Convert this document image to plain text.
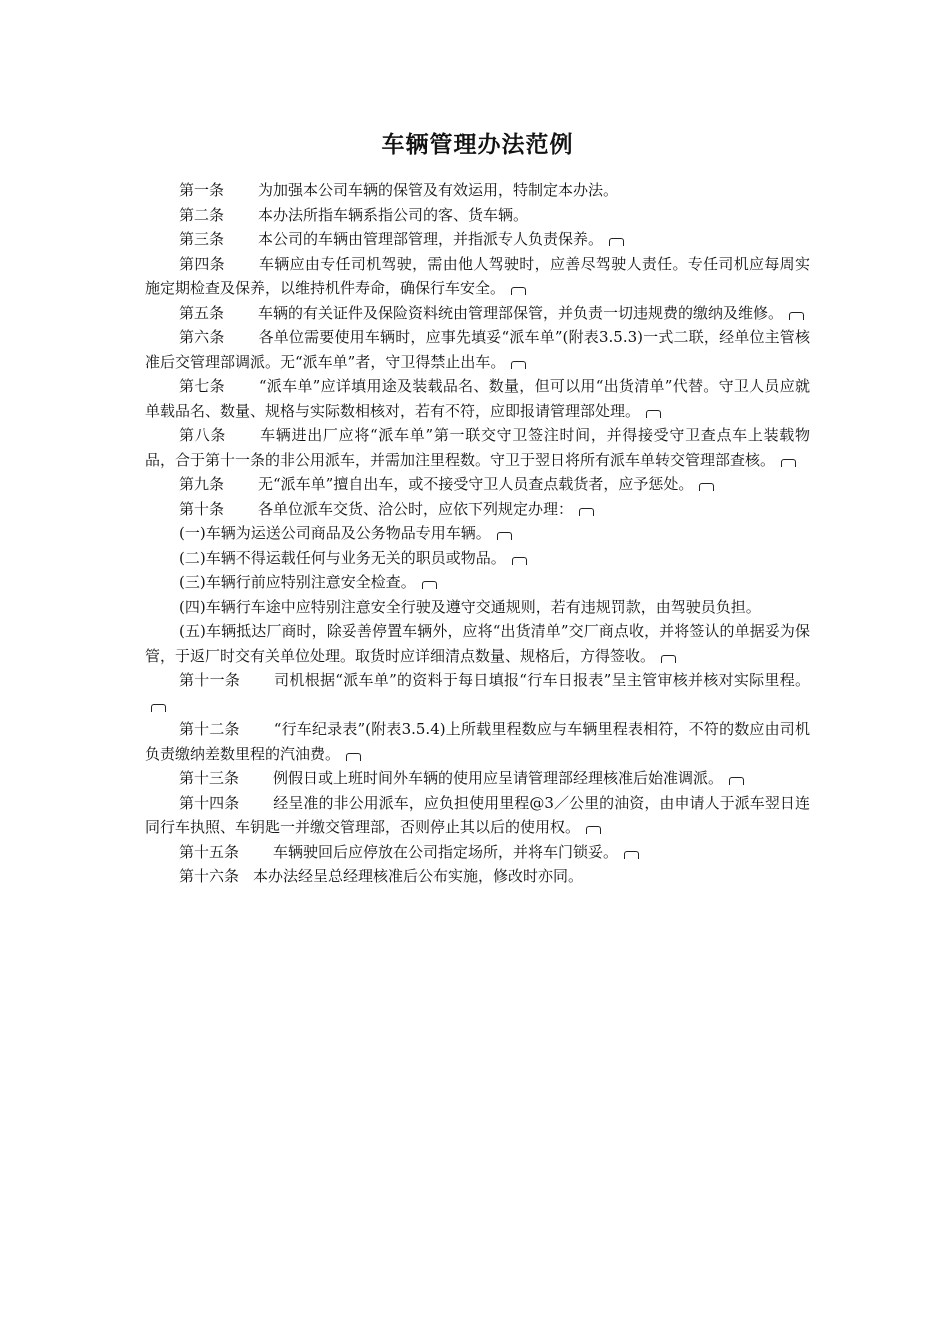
车辆管理办法范例

第一条 为加强本公司车辆的保管及有效运用，特制定本办法。

第二条 本办法所指车辆系指公司的客、货车辆。

第三条 本公司的车辆由管理部管理，并指派专人负责保养。

第四条 车辆应由专任司机驾驶，需由他人驾驶时，应善尽驾驶人责任。专任司机应每周实施定期检查及保养，以维持机件寿命，确保行车安全。

第五条 车辆的有关证件及保险资料统由管理部保管，并负责一切违规费的缴纳及维修。

第六条 各单位需要使用车辆时，应事先填妥“派车单”(附表3.5.3)一式二联，经单位主管核准后交管理部调派。无“派车单”者，守卫得禁止出车。

第七条 “派车单”应详填用途及装载品名、数量，但可以用“出货清单”代替。守卫人员应就单载品名、数量、规格与实际数相核对，若有不符，应即报请管理部处理。

第八条 车辆进出厂应将“派车单”第一联交守卫签注时间，并得接受守卫查点车上装载物品，合于第十一条的非公用派车，并需加注里程数。守卫于翌日将所有派车单转交管理部查核。

第九条 无“派车单”擅自出车，或不接受守卫人员查点载货者，应予惩处。

第十条 各单位派车交货、洽公时，应依下列规定办理：

(一)车辆为运送公司商品及公务物品专用车辆。

(二)车辆不得运载任何与业务无关的职员或物品。

(三)车辆行前应特别注意安全检查。

(四)车辆行车途中应特别注意安全行驶及遵守交通规则，若有违规罚款，由驾驶员负担。

(五)车辆抵达厂商时，除妥善停置车辆外，应将“出货清单”交厂商点收，并将签认的单据妥为保管，于返厂时交有关单位处理。取货时应详细清点数量、规格后，方得签收。

第十一条 司机根据“派车单”的资料于每日填报“行车日报表”呈主管审核并核对实际里程。

第十二条 “行车纪录表”(附表3.5.4)上所载里程数应与车辆里程表相符，不符的数应由司机负责缴纳差数里程的汽油费。

第十三条 例假日或上班时间外车辆的使用应呈请管理部经理核准后始准调派。

第十四条 经呈准的非公用派车，应负担使用里程@3／公里的油资，由申请人于派车翌日连同行车执照、车钥匙一并缴交管理部，否则停止其以后的使用权。

第十五条 车辆驶回后应停放在公司指定场所，并将车门锁妥。

第十六条 本办法经呈总经理核准后公布实施，修改时亦同。
